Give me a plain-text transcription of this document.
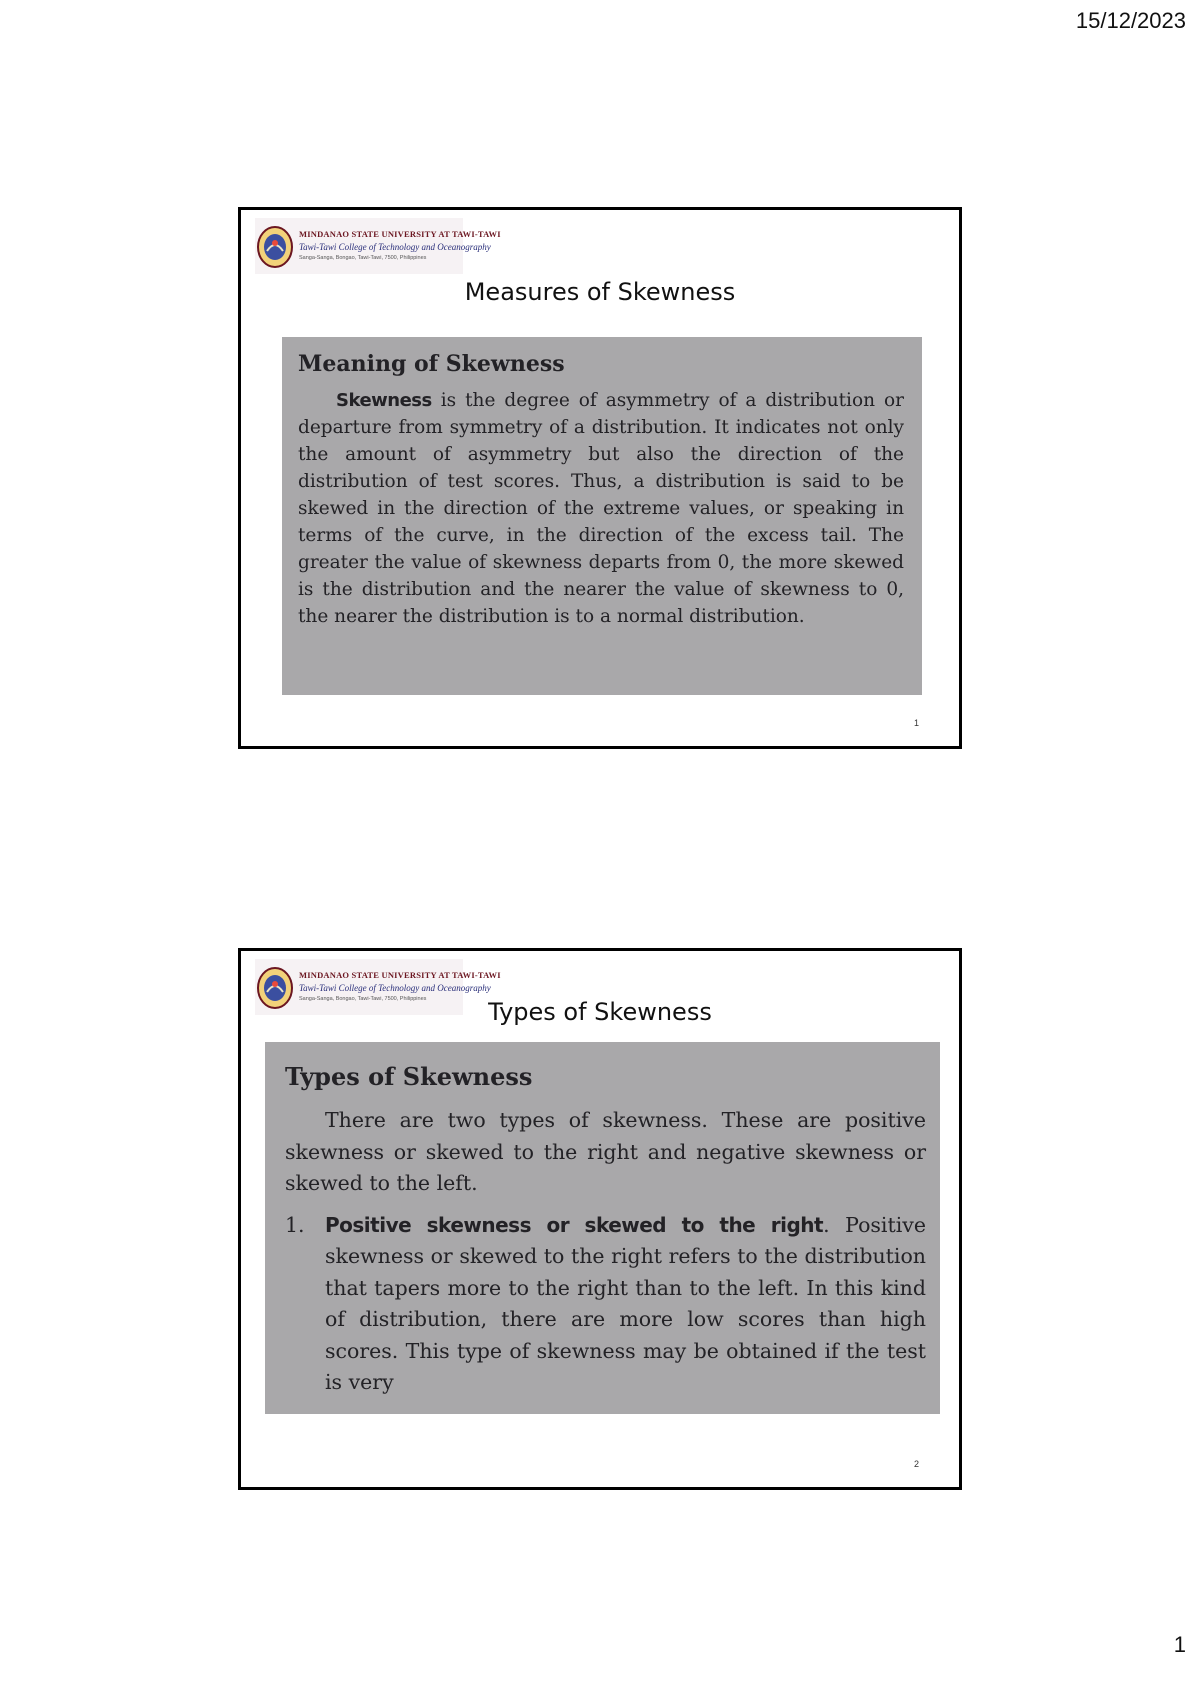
15/12/2023
MINDANAO STATE UNIVERSITY AT TAWI-TAWI
Tawi-Tawi College of Technology and Oceanography
Sanga-Sanga, Bongao, Tawi-Tawi, 7500, Philippines
Measures of Skewness
Meaning of Skewness

Skewness is the degree of asymmetry of a distribution or departure from symmetry of a distribution. It indicates not only the amount of asymmetry but also the direction of the distribution of test scores. Thus, a distribution is said to be skewed in the direction of the extreme values, or speaking in terms of the curve, in the direction of the excess tail. The greater the value of skewness departs from 0, the more skewed is the distribution and the nearer the value of skewness to 0, the nearer the distribution is to a normal distribution.

1
MINDANAO STATE UNIVERSITY AT TAWI-TAWI
Tawi-Tawi College of Technology and Oceanography
Sanga-Sanga, Bongao, Tawi-Tawi, 7500, Philippines	Types of Skewness
Types of Skewness

There are two types of skewness. These are positive skewness or skewed to the right and negative skewness or skewed to the left.

1.	Positive skewness or skewed to the right. Positive skewness or skewed to the right refers to the distribution that tapers more to the right than to the left. In this kind of distribution, there are more low scores than high scores. This type of skewness may be obtained if the test is very
2
1
